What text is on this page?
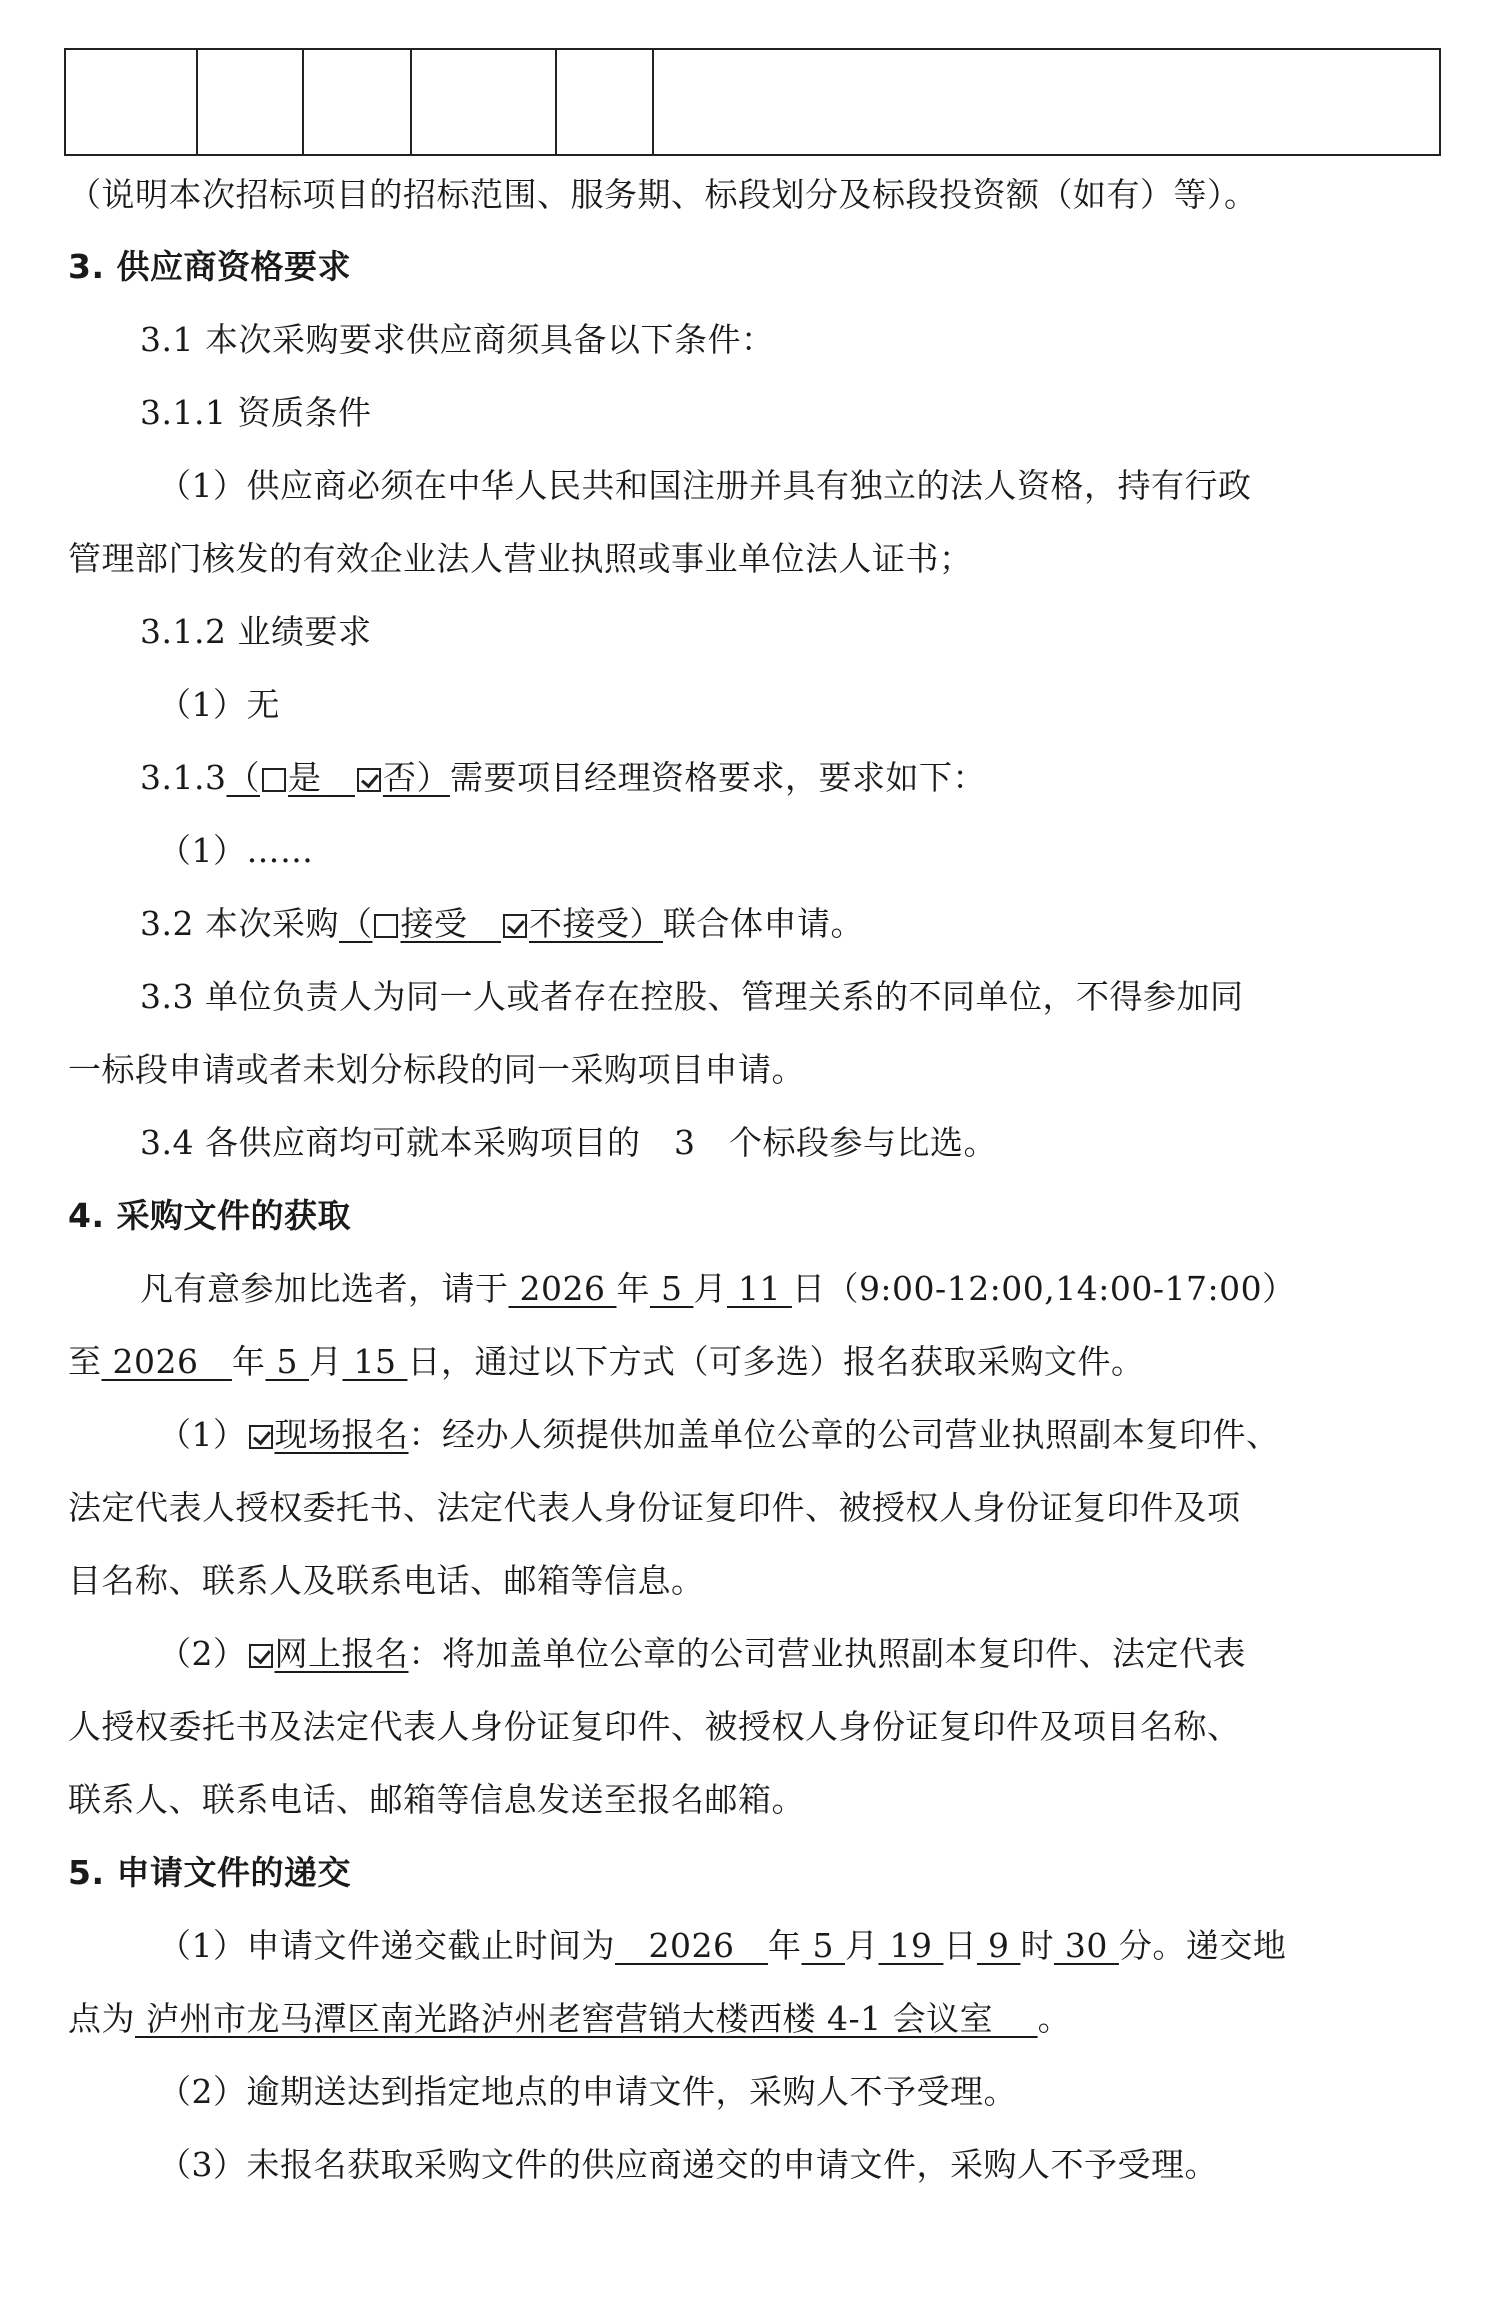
（说明本次招标项目的招标范围、服务期、标段划分及标段投资额（如有）等）。
3. 供应商资格要求
3.1 本次采购要求供应商须具备以下条件：
3.1.1 资质条件
（1）供应商必须在中华人民共和国注册并具有独立的法人资格，持有行政
管理部门核发的有效企业法人营业执照或事业单位法人证书；
3.1.2 业绩要求
（1）无
3.1.3（ 是　 否）需要项目经理资格要求，要求如下：
（1）……
3.2 本次采购（ 接受　 不接受）联合体申请。
3.3 单位负责人为同一人或者存在控股、管理关系的不同单位，不得参加同
一标段申请或者未划分标段的同一采购项目申请。
3.4 各供应商均可就本采购项目的　3　个标段参与比选。
4. 采购文件的获取
凡有意参加比选者，请于 2026 年 5 月 11 日（9:00-12:00,14:00-17:00）
至 2026　年 5 月 15 日，通过以下方式（可多选）报名获取采购文件。
（1） 现场报名：经办人须提供加盖单位公章的公司营业执照副本复印件、
法定代表人授权委托书、法定代表人身份证复印件、被授权人身份证复印件及项
目名称、联系人及联系电话、邮箱等信息。
（2） 网上报名：将加盖单位公章的公司营业执照副本复印件、法定代表
人授权委托书及法定代表人身份证复印件、被授权人身份证复印件及项目名称、
联系人、联系电话、邮箱等信息发送至报名邮箱。
5. 申请文件的递交
（1）申请文件递交截止时间为　2026　年 5 月 19 日 9 时 30 分。递交地
点为 泸州市龙马潭区南光路泸州老窖营销大楼西楼 4-1 会议室　 。
（2）逾期送达到指定地点的申请文件，采购人不予受理。
（3）未报名获取采购文件的供应商递交的申请文件，采购人不予受理。
